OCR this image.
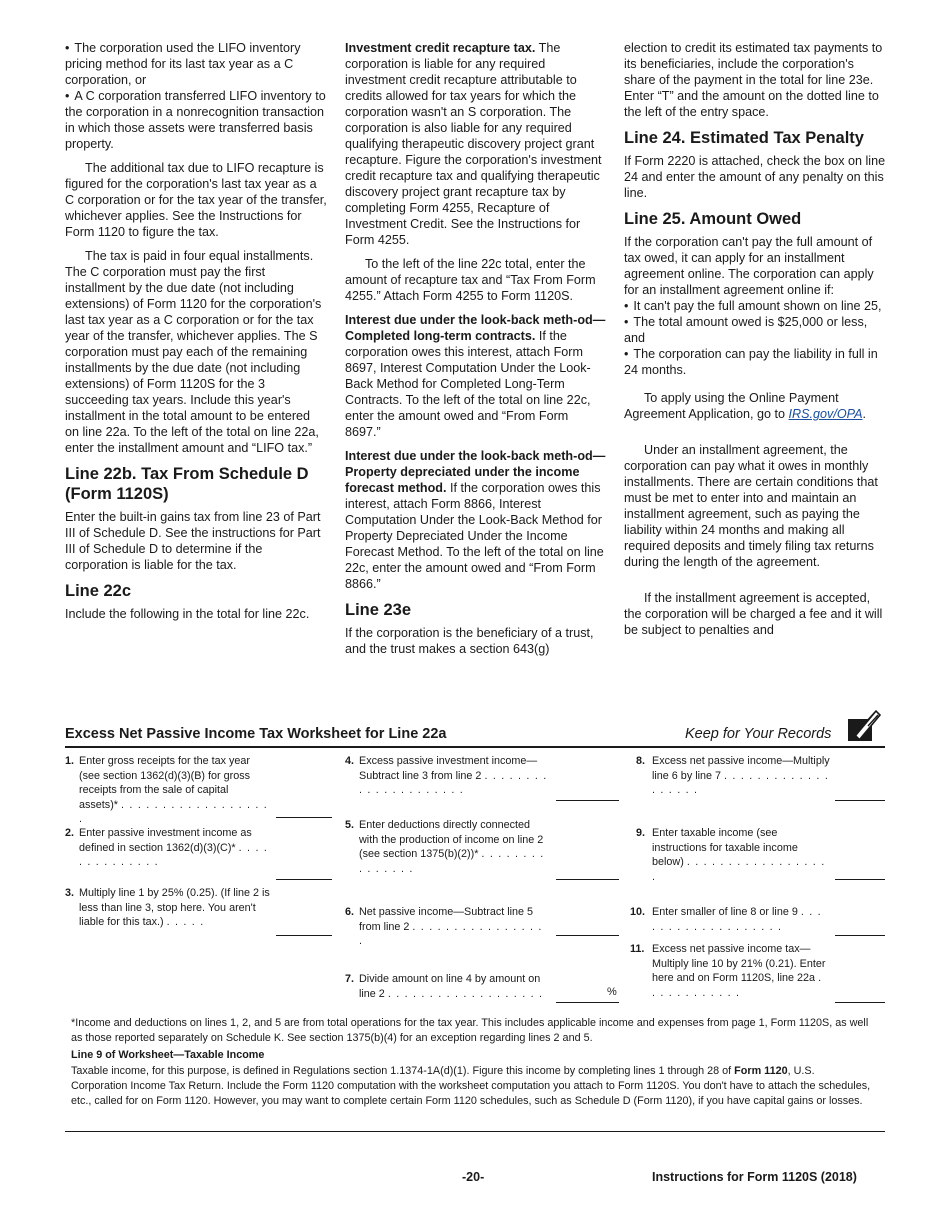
• The corporation used the LIFO inventory pricing method for its last tax year as a C corporation, or
• A C corporation transferred LIFO inventory to the corporation in a nonrecognition transaction in which those assets were transferred basis property.

The additional tax due to LIFO recapture is figured for the corporation's last tax year as a C corporation or for the tax year of the transfer, whichever applies. See the Instructions for Form 1120 to figure the tax.

The tax is paid in four equal installments. The C corporation must pay the first installment by the due date (not including extensions) of Form 1120 for the corporation's last tax year as a C corporation or for the tax year of the transfer, whichever applies. The S corporation must pay each of the remaining installments by the due date (not including extensions) of Form 1120S for the 3 succeeding tax years. Include this year's installment in the total amount to be entered on line 22a. To the left of the total on line 22a, enter the installment amount and “LIFO tax.”

Line 22b. Tax From Schedule D (Form 1120S)

Enter the built-in gains tax from line 23 of Part III of Schedule D. See the instructions for Part III of Schedule D to determine if the corporation is liable for the tax.

Line 22c

Include the following in the total for line 22c.

Investment credit recapture tax. The corporation is liable for any required investment credit recapture attributable to credits allowed for tax years for which the corporation wasn't an S corporation. The corporation is also liable for any required qualifying therapeutic discovery project grant recapture. Figure the corporation's investment credit recapture tax and qualifying therapeutic discovery project grant recapture tax by completing Form 4255, Recapture of Investment Credit. See the Instructions for Form 4255.

To the left of the line 22c total, enter the amount of recapture tax and “Tax From Form 4255.” Attach Form 4255 to Form 1120S.

Interest due under the look-back meth-od—Completed long-term contracts. If the corporation owes this interest, attach Form 8697, Interest Computation Under the Look-Back Method for Completed Long-Term Contracts. To the left of the total on line 22c, enter the amount owed and “From Form 8697.”

Interest due under the look-back meth-od—Property depreciated under the income forecast method. If the corporation owes this interest, attach Form 8866, Interest Computation Under the Look-Back Method for Property Depreciated Under the Income Forecast Method. To the left of the total on line 22c, enter the amount owed and “From Form 8866.”

Line 23e

If the corporation is the beneficiary of a trust, and the trust makes a section 643(g)

election to credit its estimated tax payments to its beneficiaries, include the corporation's share of the payment in the total for line 23e. Enter “T” and the amount on the dotted line to the left of the entry space.

Line 24. Estimated Tax Penalty

If Form 2220 is attached, check the box on line 24 and enter the amount of any penalty on this line.

Line 25. Amount Owed

If the corporation can't pay the full amount of tax owed, it can apply for an installment agreement online. The corporation can apply for an installment agreement online if:

• It can't pay the full amount shown on line 25,
• The total amount owed is $25,000 or less, and
• The corporation can pay the liability in full in 24 months.

To apply using the Online Payment Agreement Application, go to IRS.gov/OPA.

Under an installment agreement, the corporation can pay what it owes in monthly installments. There are certain conditions that must be met to enter into and maintain an installment agreement, such as paying the liability within 24 months and making all required deposits and timely filing tax returns during the length of the agreement.

If the installment agreement is accepted, the corporation will be charged a fee and it will be subject to penalties and

Excess Net Passive Income Tax Worksheet for Line 22a	Keep for Your Records
1. Enter gross receipts for the tax year (see section 1362(d)(3)(B) for gross receipts from the sale of capital assets)* . . . . . . . . . . . . . . . . . . .
2. Enter passive investment income as defined in section 1362(d)(3)(C)* . . . . . . . . . . . . . .
3. Multiply line 1 by 25% (0.25). (If line 2 is less than line 3, stop here. You aren't liable for this tax.) . . . . .
4. Excess passive investment income—Subtract line 3 from line 2 . . . . . . . . . . . . . . . . . . . . .
5. Enter deductions directly connected with the production of income on line 2 (see section 1375(b)(2))* . . . . . . . . . . . . . . .
6. Net passive income—Subtract line 5 from line 2 . . . . . . . . . . . . . . . . .
7. Divide amount on line 4 by amount on line 2 . . . . . . . . . . . . . . . . . . .	%
8. Excess net passive income—Multiply line 6 by line 7 . . . . . . . . . . . . . . . . . . .
9. Enter taxable income (see instructions for taxable income below) . . . . . . . . . . . . . . . . . .
10. Enter smaller of line 8 or line 9 . . . . . . . . . . . . . . . . . . .
11. Excess net passive income tax—Multiply line 10 by 21% (0.21). Enter here and on Form 1120S, line 22a . . . . . . . . . . . .
*Income and deductions on lines 1, 2, and 5 are from total operations for the tax year. This includes applicable income and expenses from page 1, Form 1120S, as well as those reported separately on Schedule K. See section 1375(b)(4) for an exception regarding lines 2 and 5.
Line 9 of Worksheet—Taxable Income
Taxable income, for this purpose, is defined in Regulations section 1.1374-1A(d)(1). Figure this income by completing lines 1 through 28 of Form 1120, U.S. Corporation Income Tax Return. Include the Form 1120 computation with the worksheet computation you attach to Form 1120S. You don't have to attach the schedules, etc., called for on Form 1120. However, you may want to complete certain Form 1120 schedules, such as Schedule D (Form 1120), if you have capital gains or losses.
-20-	Instructions for Form 1120S (2018)
